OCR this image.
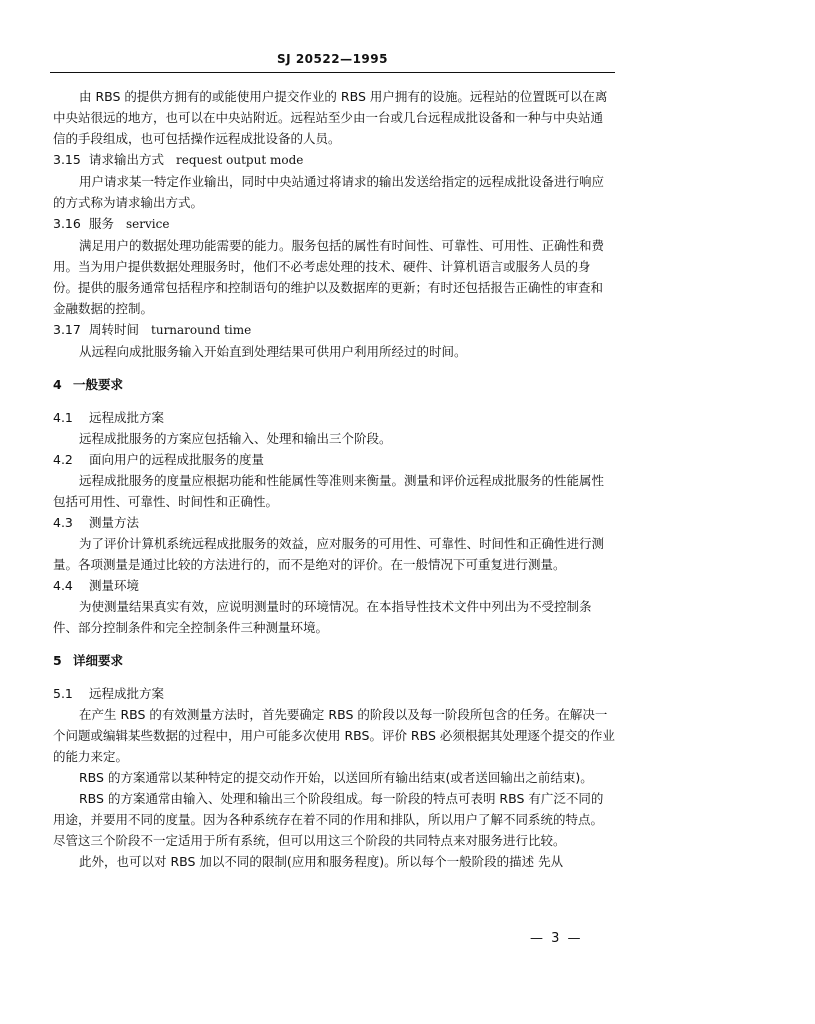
SJ 20522—1995

由 RBS 的提供方拥有的或能使用户提交作业的 RBS 用户拥有的设施。远程站的位置既可以在离中央站很远的地方，也可以在中央站附近。远程站至少由一台或几台远程成批设备和一种与中央站通信的手段组成，也可包括操作远程成批设备的人员。

3.15 请求输出方式 request output mode

用户请求某一特定作业输出，同时中央站通过将请求的输出发送给指定的远程成批设备进行响应的方式称为请求输出方式。

3.16 服务 service

满足用户的数据处理功能需要的能力。服务包括的属性有时间性、可靠性、可用性、正确性和费用。当为用户提供数据处理服务时，他们不必考虑处理的技术、硬件、计算机语言或服务人员的身份。提供的服务通常包括程序和控制语句的维护以及数据库的更新；有时还包括报告正确性的审查和金融数据的控制。

3.17 周转时间 turnaround time

从远程向成批服务输入开始直到处理结果可供用户利用所经过的时间。

4 一般要求

4.1 远程成批方案

远程成批服务的方案应包括输入、处理和输出三个阶段。

4.2 面向用户的远程成批服务的度量

远程成批服务的度量应根据功能和性能属性等准则来衡量。测量和评价远程成批服务的性能属性包括可用性、可靠性、时间性和正确性。

4.3 测量方法

为了评价计算机系统远程成批服务的效益，应对服务的可用性、可靠性、时间性和正确性进行测量。各项测量是通过比较的方法进行的，而不是绝对的评价。在一般情况下可重复进行测量。

4.4 测量环境

为使测量结果真实有效，应说明测量时的环境情况。在本指导性技术文件中列出为不受控制条件、部分控制条件和完全控制条件三种测量环境。

5 详细要求

5.1 远程成批方案

在产生 RBS 的有效测量方法时，首先要确定 RBS 的阶段以及每一阶段所包含的任务。在解决一个问题或编辑某些数据的过程中，用户可能多次使用 RBS。评价 RBS 必须根据其处理逐个提交的作业的能力来定。

RBS 的方案通常以某种特定的提交动作开始，以送回所有输出结束(或者送回输出之前结束)。

RBS 的方案通常由输入、处理和输出三个阶段组成。每一阶段的特点可表明 RBS 有广泛不同的用途，并要用不同的度量。因为各种系统存在着不同的作用和排队，所以用户了解不同系统的特点。尽管这三个阶段不一定适用于所有系统，但可以用这三个阶段的共同特点来对服务进行比较。

此外，也可以对 RBS 加以不同的限制(应用和服务程度)。所以每个一般阶段的描述 先从

— 3 —
